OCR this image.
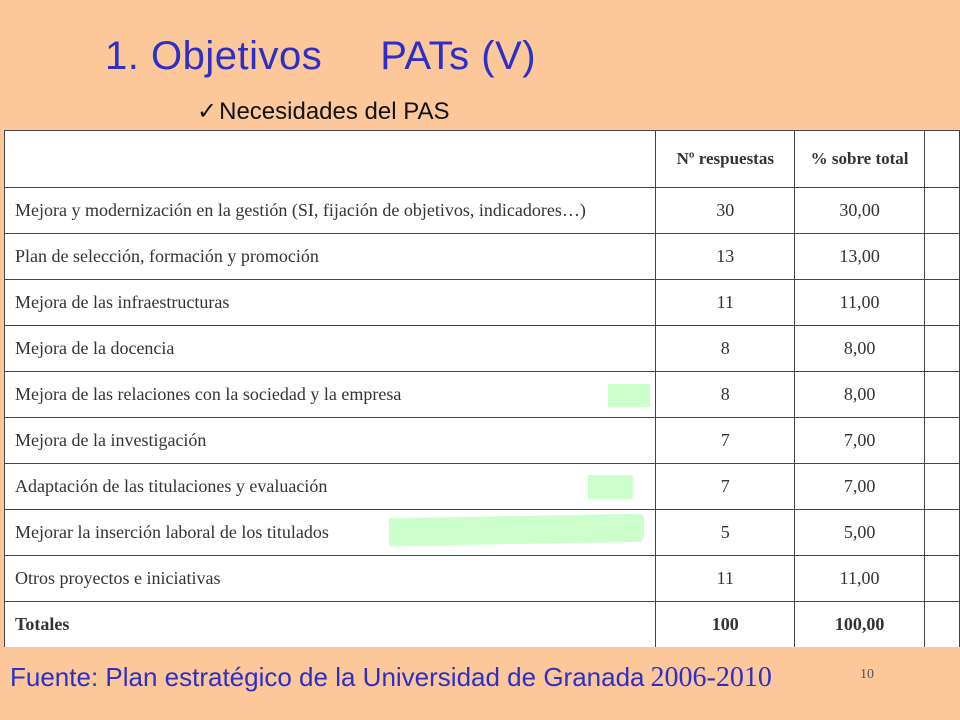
1. Objetivos PATs (V)
✓Necesidades del PAS
	Nº respuestas	% sobre total	
Mejora y modernización en la gestión (SI, fijación de objetivos, indicadores…)	30	30,00	
Plan de selección, formación y promoción	13	13,00	
Mejora de las infraestructuras	11	11,00	
Mejora de la docencia	8	8,00	
Mejora de las relaciones con la sociedad y la empresa	8	8,00	
Mejora de la investigación	7	7,00	
Adaptación de las titulaciones y evaluación	7	7,00	

Mejorar la inserción laboral de los titulados	5	5,00	
Otros proyectos e iniciativas	11	11,00	
Totales	100	100,00	
Fuente: Plan estratégico de la Universidad de Granada 2006-2010	10
